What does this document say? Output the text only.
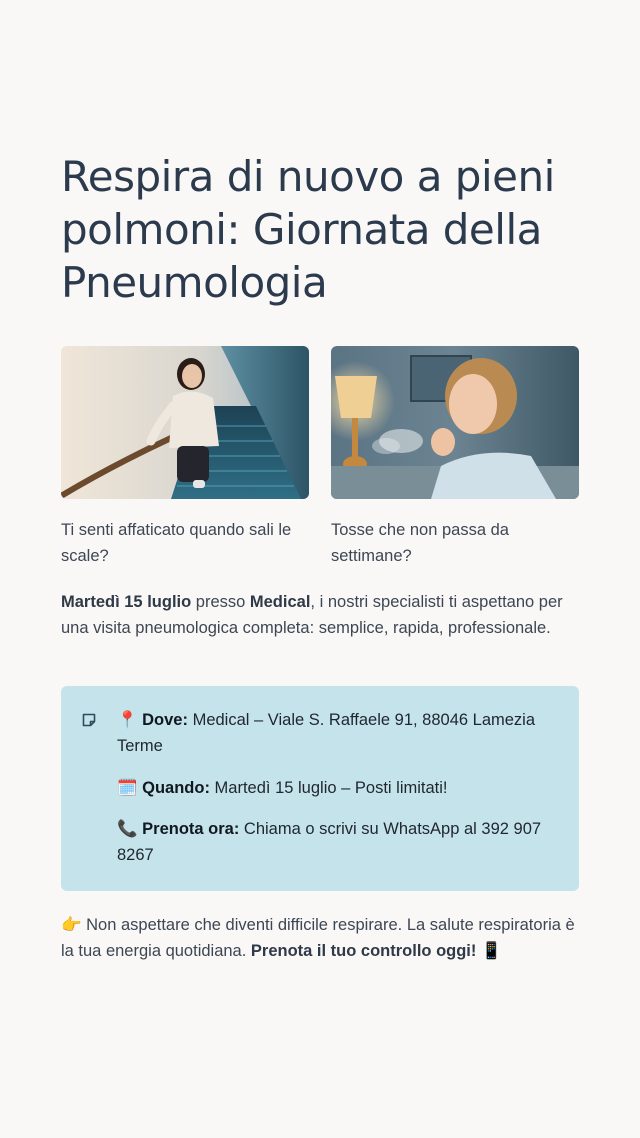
Respira di nuovo a pieni polmoni: Giornata della Pneumologia

Ti senti affaticato quando sali le scale?

Tosse che non passa da settimane?

Martedì 15 luglio presso Medical, i nostri specialisti ti aspettano per una visita pneumologica completa: semplice, rapida, professionale.

📍 Dove: Medical – Viale S. Raffaele 91, 88046 Lamezia Terme

🗓️ Quando: Martedì 15 luglio – Posti limitati!

📞 Prenota ora: Chiama o scrivi su WhatsApp al 392 907 8267

👉 Non aspettare che diventi difficile respirare. La salute respiratoria è la tua energia quotidiana. Prenota il tuo controllo oggi! 📱
